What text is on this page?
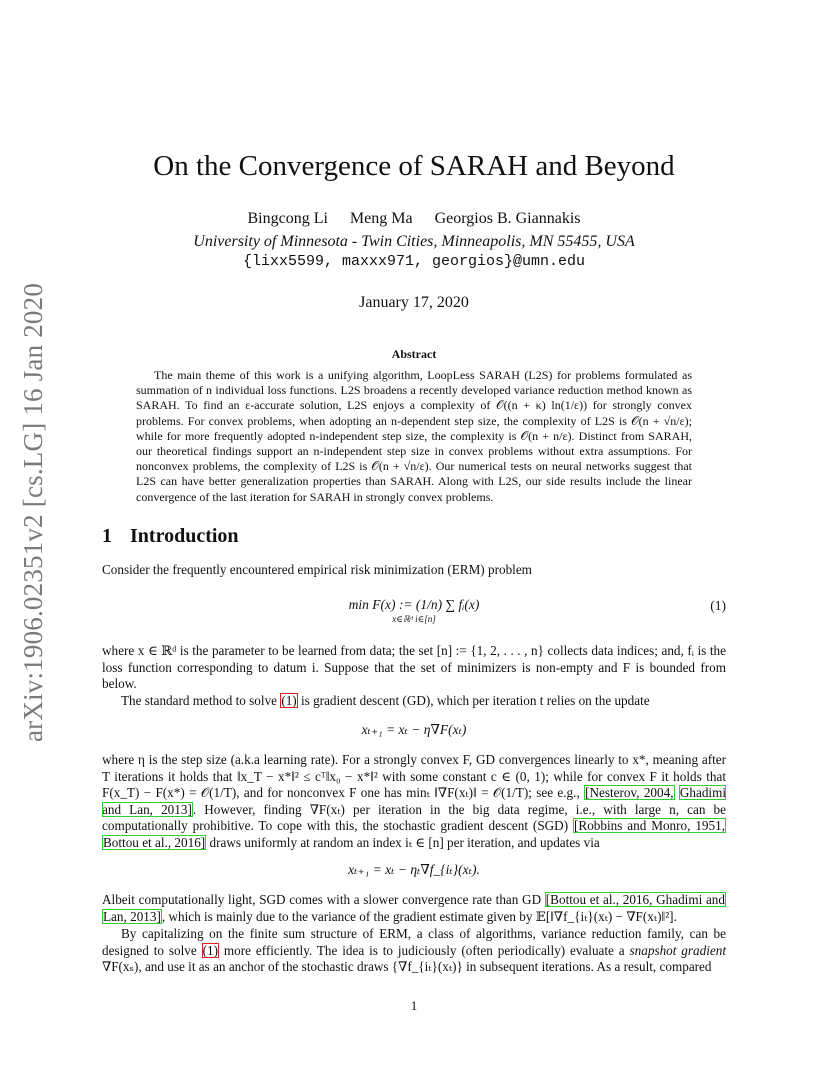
arXiv:1906.02351v2 [cs.LG] 16 Jan 2020
On the Convergence of SARAH and Beyond
Bingcong Li Meng Ma Georgios B. Giannakis
University of Minnesota - Twin Cities, Minneapolis, MN 55455, USA
{lixx5599, maxxx971, georgios}@umn.edu
January 17, 2020
Abstract
The main theme of this work is a unifying algorithm, LoopLess SARAH (L2S) for problems formulated as summation of n individual loss functions. L2S broadens a recently developed variance reduction method known as SARAH. To find an ε-accurate solution, L2S enjoys a complexity of 𝒪((n + κ) ln(1/ε)) for strongly convex problems. For convex problems, when adopting an n-dependent step size, the complexity of L2S is 𝒪(n + √n/ε); while for more frequently adopted n-independent step size, the complexity is 𝒪(n + n/ε). Distinct from SARAH, our theoretical findings support an n-independent step size in convex problems without extra assumptions. For nonconvex problems, the complexity of L2S is 𝒪(n + √n/ε). Our numerical tests on neural networks suggest that L2S can have better generalization properties than SARAH. Along with L2S, our side results include the linear convergence of the last iteration for SARAH in strongly convex problems.
1 Introduction
Consider the frequently encountered empirical risk minimization (ERM) problem
min F(x) := (1/n) ∑ fᵢ(x)
x∈ℝᵈ i∈[n]
(1)
where x ∈ ℝᵈ is the parameter to be learned from data; the set [n] := {1, 2, . . . , n} collects data indices; and, fᵢ is the loss function corresponding to datum i. Suppose that the set of minimizers is non-empty and F is bounded from below.
The standard method to solve (1) is gradient descent (GD), which per iteration t relies on the update
xₜ₊₁ = xₜ − η∇F(xₜ)
where η is the step size (a.k.a learning rate). For a strongly convex F, GD convergences linearly to x*, meaning after T iterations it holds that ‖x_T − x*‖² ≤ cᵀ‖x₀ − x*‖² with some constant c ∈ (0, 1); while for convex F it holds that F(x_T) − F(x*) = 𝒪(1/T), and for nonconvex F one has minₜ ‖∇F(xₜ)‖ = 𝒪(1/T); see e.g., [Nesterov, 2004, Ghadimi and Lan, 2013]. However, finding ∇F(xₜ) per iteration in the big data regime, i.e., with large n, can be computationally prohibitive. To cope with this, the stochastic gradient descent (SGD) [Robbins and Monro, 1951, Bottou et al., 2016] draws uniformly at random an index iₜ ∈ [n] per iteration, and updates via
xₜ₊₁ = xₜ − ηₜ∇f_{iₜ}(xₜ).
Albeit computationally light, SGD comes with a slower convergence rate than GD [Bottou et al., 2016, Ghadimi and Lan, 2013], which is mainly due to the variance of the gradient estimate given by 𝔼[‖∇f_{iₜ}(xₜ) − ∇F(xₜ)‖²].
By capitalizing on the finite sum structure of ERM, a class of algorithms, variance reduction family, can be designed to solve (1) more efficiently. The idea is to judiciously (often periodically) evaluate a snapshot gradient ∇F(xₛ), and use it as an anchor of the stochastic draws {∇f_{iₜ}(xₜ)} in subsequent iterations. As a result, compared
1
